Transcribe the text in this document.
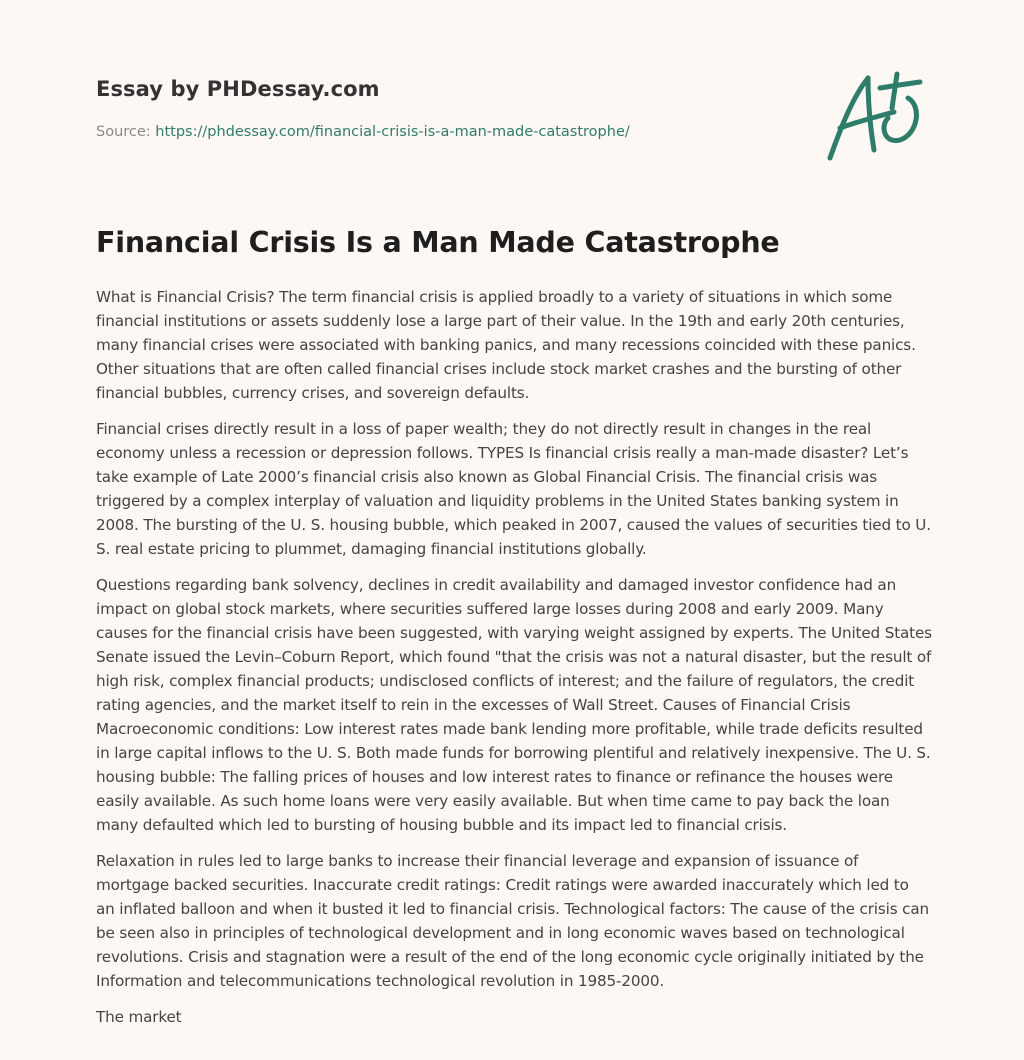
Essay by PHDessay.com
Source: https://phdessay.com/financial-crisis-is-a-man-made-catastrophe/
Financial Crisis Is a Man Made Catastrophe

What is Financial Crisis? The term financial crisis is applied broadly to a variety of situations in which some financial institutions or assets suddenly lose a large part of their value. In the 19th and early 20th centuries, many financial crises were associated with banking panics, and many recessions coincided with these panics. Other situations that are often called financial crises include stock market crashes and the bursting of other financial bubbles, currency crises, and sovereign defaults.

Financial crises directly result in a loss of paper wealth; they do not directly result in changes in the real economy unless a recession or depression follows. TYPES Is financial crisis really a man-made disaster? Let’s take example of Late 2000’s financial crisis also known as Global Financial Crisis. The financial crisis was triggered by a complex interplay of valuation and liquidity problems in the United States banking system in 2008. The bursting of the U. S. housing bubble, which peaked in 2007, caused the values of securities tied to U. S. real estate pricing to plummet, damaging financial institutions globally.

Questions regarding bank solvency, declines in credit availability and damaged investor confidence had an impact on global stock markets, where securities suffered large losses during 2008 and early 2009. Many causes for the financial crisis have been suggested, with varying weight assigned by experts. The United States Senate issued the Levin–Coburn Report, which found "that the crisis was not a natural disaster, but the result of high risk, complex financial products; undisclosed conflicts of interest; and the failure of regulators, the credit rating agencies, and the market itself to rein in the excesses of Wall Street. Causes of Financial Crisis Macroeconomic conditions: Low interest rates made bank lending more profitable, while trade deficits resulted in large capital inflows to the U. S. Both made funds for borrowing plentiful and relatively inexpensive. The U. S. housing bubble: The falling prices of houses and low interest rates to finance or refinance the houses were easily available. As such home loans were very easily available. But when time came to pay back the loan many defaulted which led to bursting of housing bubble and its impact led to financial crisis.

Relaxation in rules led to large banks to increase their financial leverage and expansion of issuance of mortgage backed securities. Inaccurate credit ratings: Credit ratings were awarded inaccurately which led to an inflated balloon and when it busted it led to financial crisis. Technological factors: The cause of the crisis can be seen also in principles of technological development and in long economic waves based on technological revolutions. Crisis and stagnation were a result of the end of the long economic cycle originally initiated by the Information and telecommunications technological revolution in 1985-2000.

The market
